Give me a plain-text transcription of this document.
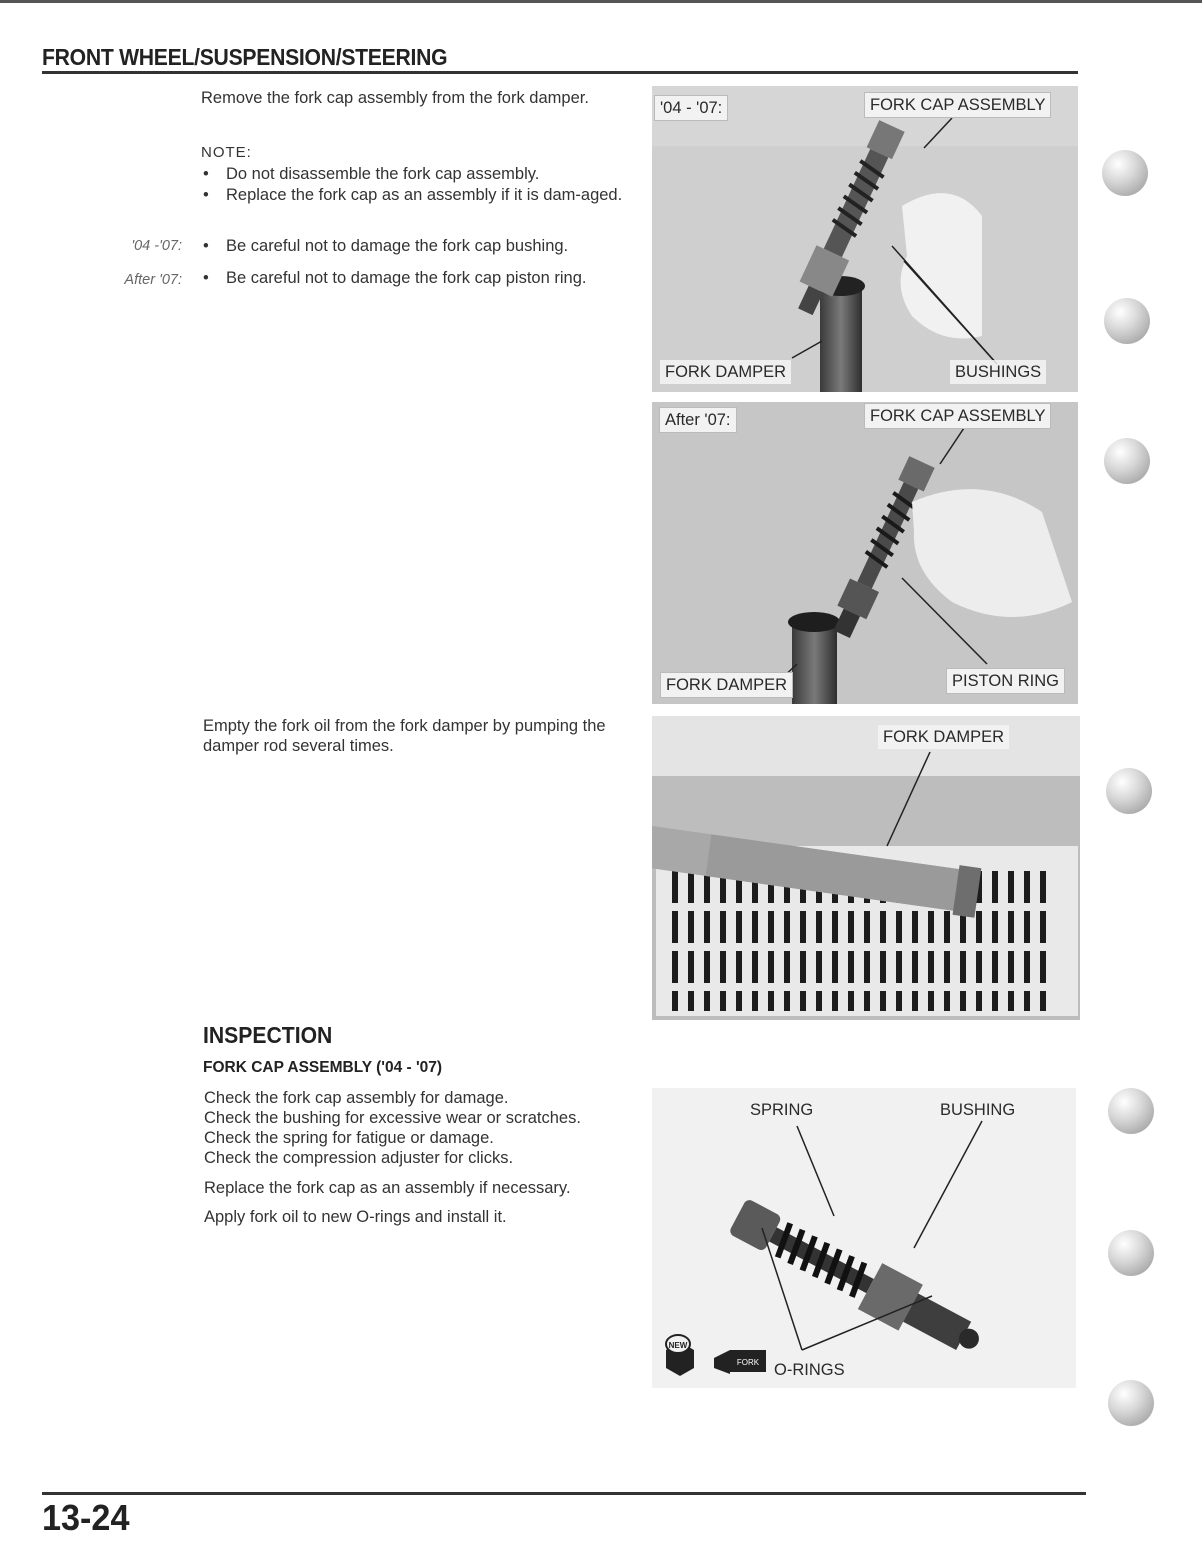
FRONT WHEEL/SUSPENSION/STEERING
Remove the fork cap assembly from the fork damper.
NOTE:
• Do not disassemble the fork cap assembly.
• Replace the fork cap as an assembly if it is dam-aged.
'04 -'07: • Be careful not to damage the fork cap bushing.
After '07: • Be careful not to damage the fork cap piston ring.
'04 - '07:	FORK CAP ASSEMBLY
FORK DAMPER	BUSHINGS
After '07:	FORK CAP ASSEMBLY
FORK DAMPER	PISTON RING
Empty the fork oil from the fork damper by pumping the damper rod several times.	FORK DAMPER
INSPECTION
FORK CAP ASSEMBLY ('04 - '07)
Check the fork cap assembly for damage.
Check the bushing for excessive wear or scratches.
Check the spring for fatigue or damage.
Check the compression adjuster for clicks.
Replace the fork cap as an assembly if necessary.
Apply fork oil to new O-rings and install it.
NEW
FORK
SPRING	BUSHING
O-RINGS
13-24
